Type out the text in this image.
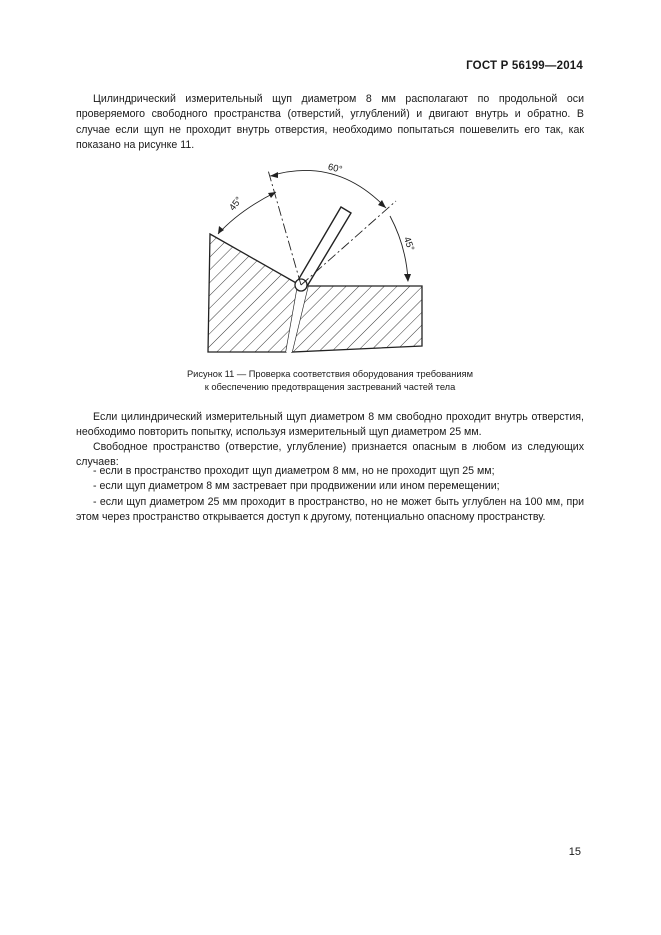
ГОСТ Р 56199—2014

Цилиндрический измерительный щуп диаметром 8 мм располагают по продольной оси проверяемого свободного пространства (отверстий, углублений) и двигают внутрь и обратно. В случае если щуп не проходит внутрь отверстия, необходимо попытаться пошевелить его так, как показано на рисунке 11.

45°
60°
45°
Рисунок 11 — Проверка соответствия оборудования требованиям
к обеспечению предотвращения застреваний частей тела

Если цилиндрический измерительный щуп диаметром 8 мм свободно проходит внутрь отверстия, необходимо повторить попытку, используя измерительный щуп диаметром 25 мм.

Свободное пространство (отверстие, углубление) признается опасным в любом из следующих случаев:

- если в пространство проходит щуп диаметром 8 мм, но не проходит щуп 25 мм;
- если щуп диаметром 8 мм застревает при продвижении или ином перемещении;
- если щуп диаметром 25 мм проходит в пространство, но не может быть углублен на 100 мм, при этом через пространство открывается доступ к другому, потенциально опасному пространству.
15
